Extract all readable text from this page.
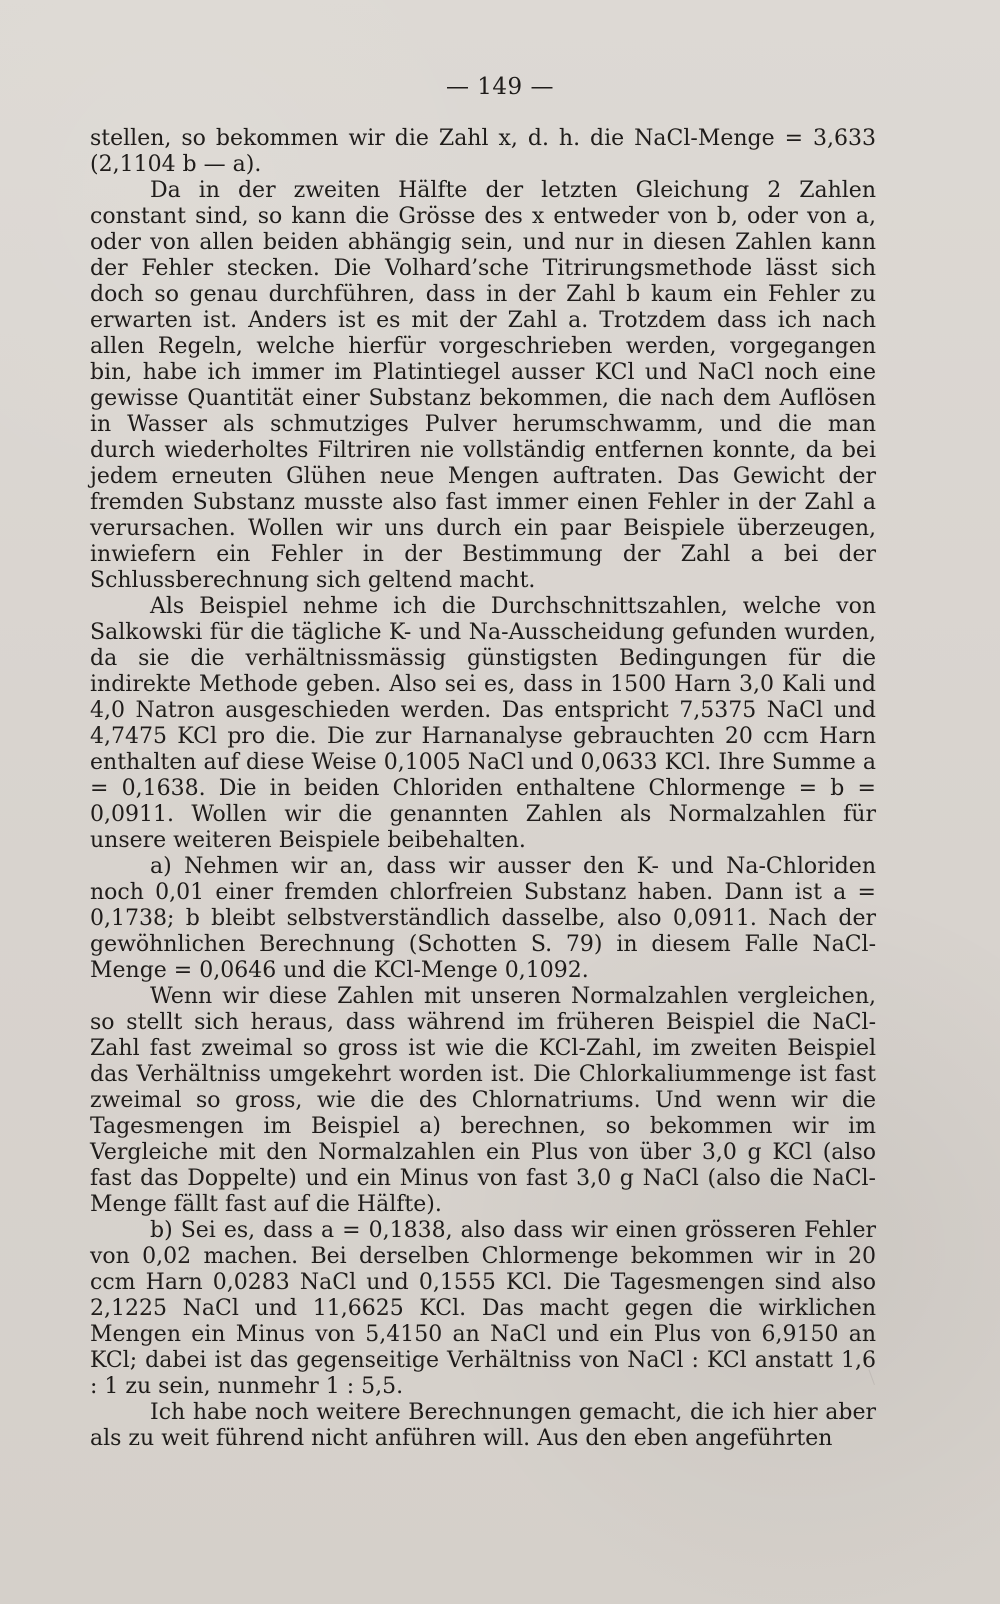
— 149 —

stellen, so bekommen wir die Zahl x, d. h. die NaCl-Menge = 3,633 (2,1104 b — a).

Da in der zweiten Hälfte der letzten Gleichung 2 Zahlen constant sind, so kann die Grösse des x entweder von b, oder von a, oder von allen beiden abhängig sein, und nur in diesen Zahlen kann der Fehler stecken. Die Volhard’sche Titrirungsmethode lässt sich doch so genau durchführen, dass in der Zahl b kaum ein Fehler zu erwarten ist. Anders ist es mit der Zahl a. Trotzdem dass ich nach allen Regeln, welche hierfür vorgeschrieben werden, vorgegangen bin, habe ich immer im Platintiegel ausser KCl und NaCl noch eine gewisse Quantität einer Substanz bekommen, die nach dem Auflösen in Wasser als schmutziges Pulver herumschwamm, und die man durch wiederholtes Filtriren nie vollständig entfernen konnte, da bei jedem erneuten Glühen neue Mengen auftraten. Das Gewicht der fremden Substanz musste also fast immer einen Fehler in der Zahl a verursachen. Wollen wir uns durch ein paar Beispiele überzeugen, inwiefern ein Fehler in der Bestimmung der Zahl a bei der Schlussberechnung sich geltend macht.

Als Beispiel nehme ich die Durchschnittszahlen, welche von Salkowski für die tägliche K- und Na-Ausscheidung gefunden wurden, da sie die verhältnissmässig günstigsten Bedingungen für die indirekte Methode geben. Also sei es, dass in 1500 Harn 3,0 Kali und 4,0 Natron ausgeschieden werden. Das entspricht 7,5375 NaCl und 4,7475 KCl pro die. Die zur Harnanalyse gebrauchten 20 ccm Harn enthalten auf diese Weise 0,1005 NaCl und 0,0633 KCl. Ihre Summe a = 0,1638. Die in beiden Chloriden enthaltene Chlormenge = b = 0,0911. Wollen wir die genannten Zahlen als Normalzahlen für unsere weiteren Beispiele beibehalten.

a) Nehmen wir an, dass wir ausser den K- und Na-Chloriden noch 0,01 einer fremden chlorfreien Substanz haben. Dann ist a = 0,1738; b bleibt selbstverständlich dasselbe, also 0,0911. Nach der gewöhnlichen Berechnung (Schotten S. 79) in diesem Falle NaCl-Menge = 0,0646 und die KCl-Menge 0,1092.

Wenn wir diese Zahlen mit unseren Normalzahlen vergleichen, so stellt sich heraus, dass während im früheren Beispiel die NaCl-Zahl fast zweimal so gross ist wie die KCl-Zahl, im zweiten Beispiel das Verhältniss umgekehrt worden ist. Die Chlorkaliummenge ist fast zweimal so gross, wie die des Chlornatriums. Und wenn wir die Tagesmengen im Beispiel a) berechnen, so bekommen wir im Vergleiche mit den Normalzahlen ein Plus von über 3,0 g KCl (also fast das Doppelte) und ein Minus von fast 3,0 g NaCl (also die NaCl-Menge fällt fast auf die Hälfte).

b) Sei es, dass a = 0,1838, also dass wir einen grösseren Fehler von 0,02 machen. Bei derselben Chlormenge bekommen wir in 20 ccm Harn 0,0283 NaCl und 0,1555 KCl. Die Tagesmengen sind also 2,1225 NaCl und 11,6625 KCl. Das macht gegen die wirklichen Mengen ein Minus von 5,4150 an NaCl und ein Plus von 6,9150 an KCl; dabei ist das gegenseitige Verhältniss von NaCl : KCl anstatt 1,6 : 1 zu sein, nunmehr 1 : 5,5.

Ich habe noch weitere Berechnungen gemacht, die ich hier aber als zu weit führend nicht anführen will. Aus den eben angeführten
